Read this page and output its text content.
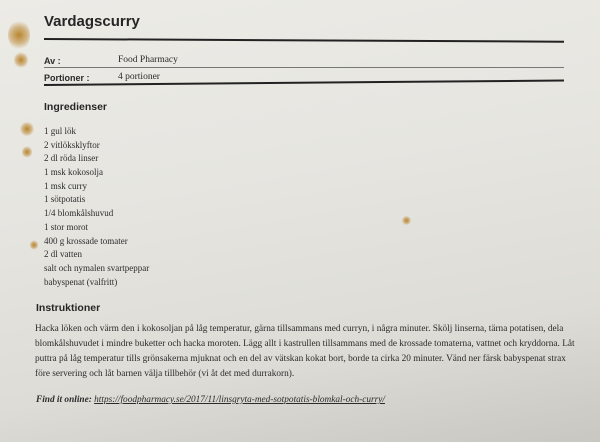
Vardagscurry
Av :	Food Pharmacy
Portioner :	4 portioner
Ingredienser
1 gul lök
2 vitlöksklyftor
2 dl röda linser
1 msk kokosolja
1 msk curry
1 sötpotatis
1/4 blomkålshuvud
1 stor morot
400 g krossade tomater
2 dl vatten
salt och nymalen svartpeppar
babyspenat (valfritt)
Instruktioner

Hacka löken och värm den i kokosoljan på låg temperatur, gärna tillsammans med curryn, i några minuter. Skölj linserna, tärna potatisen, dela blomkålshuvudet i mindre buketter och hacka moroten. Lägg allt i kastrullen tillsammans med de krossade tomaterna, vattnet och kryddorna. Låt puttra på låg temperatur tills grönsakerna mjuknat och en del av vätskan kokat bort, borde ta cirka 20 minuter. Vänd ner färsk babyspenat strax före servering och låt barnen välja tillbehör (vi åt det med durrakorn).

Find it online: https://foodpharmacy.se/2017/11/linsgryta-med-sotpotatis-blomkal-och-curry/
